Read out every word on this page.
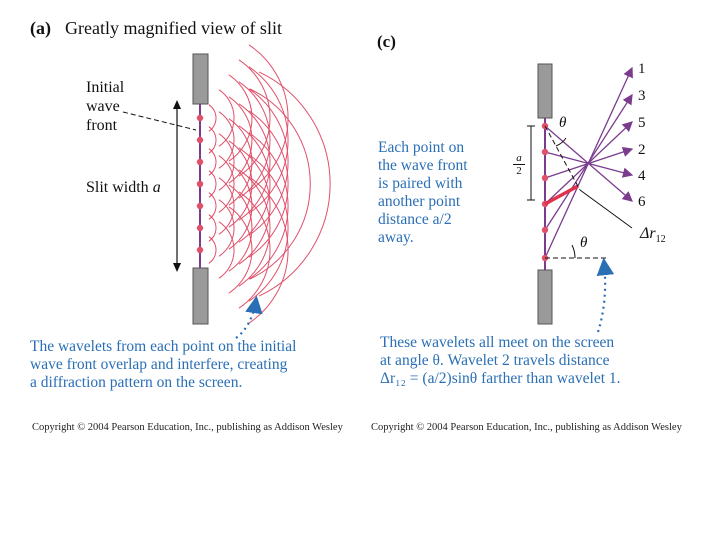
(a) Greatly magnified view of slit
(c)
Initial
wave
front
Slit width a
The wavelets from each point on the initial
wave front overlap and interfere, creating
a diffraction pattern on the screen.
Copyright © 2004 Pearson Education, Inc., publishing as Addison Wesley
Each point on
the wave front
is paired with
another point
distance a/2
away.
These wavelets all meet on the screen
at angle θ. Wavelet 2 travels distance
Δr₁₂ = (a/2)sinθ farther than wavelet 1.
Copyright © 2004 Pearson Education, Inc., publishing as Addison Wesley
θ
θ
$\frac{a}{2}$
$\Delta r_{12}$
1
3
5
2
4
6
